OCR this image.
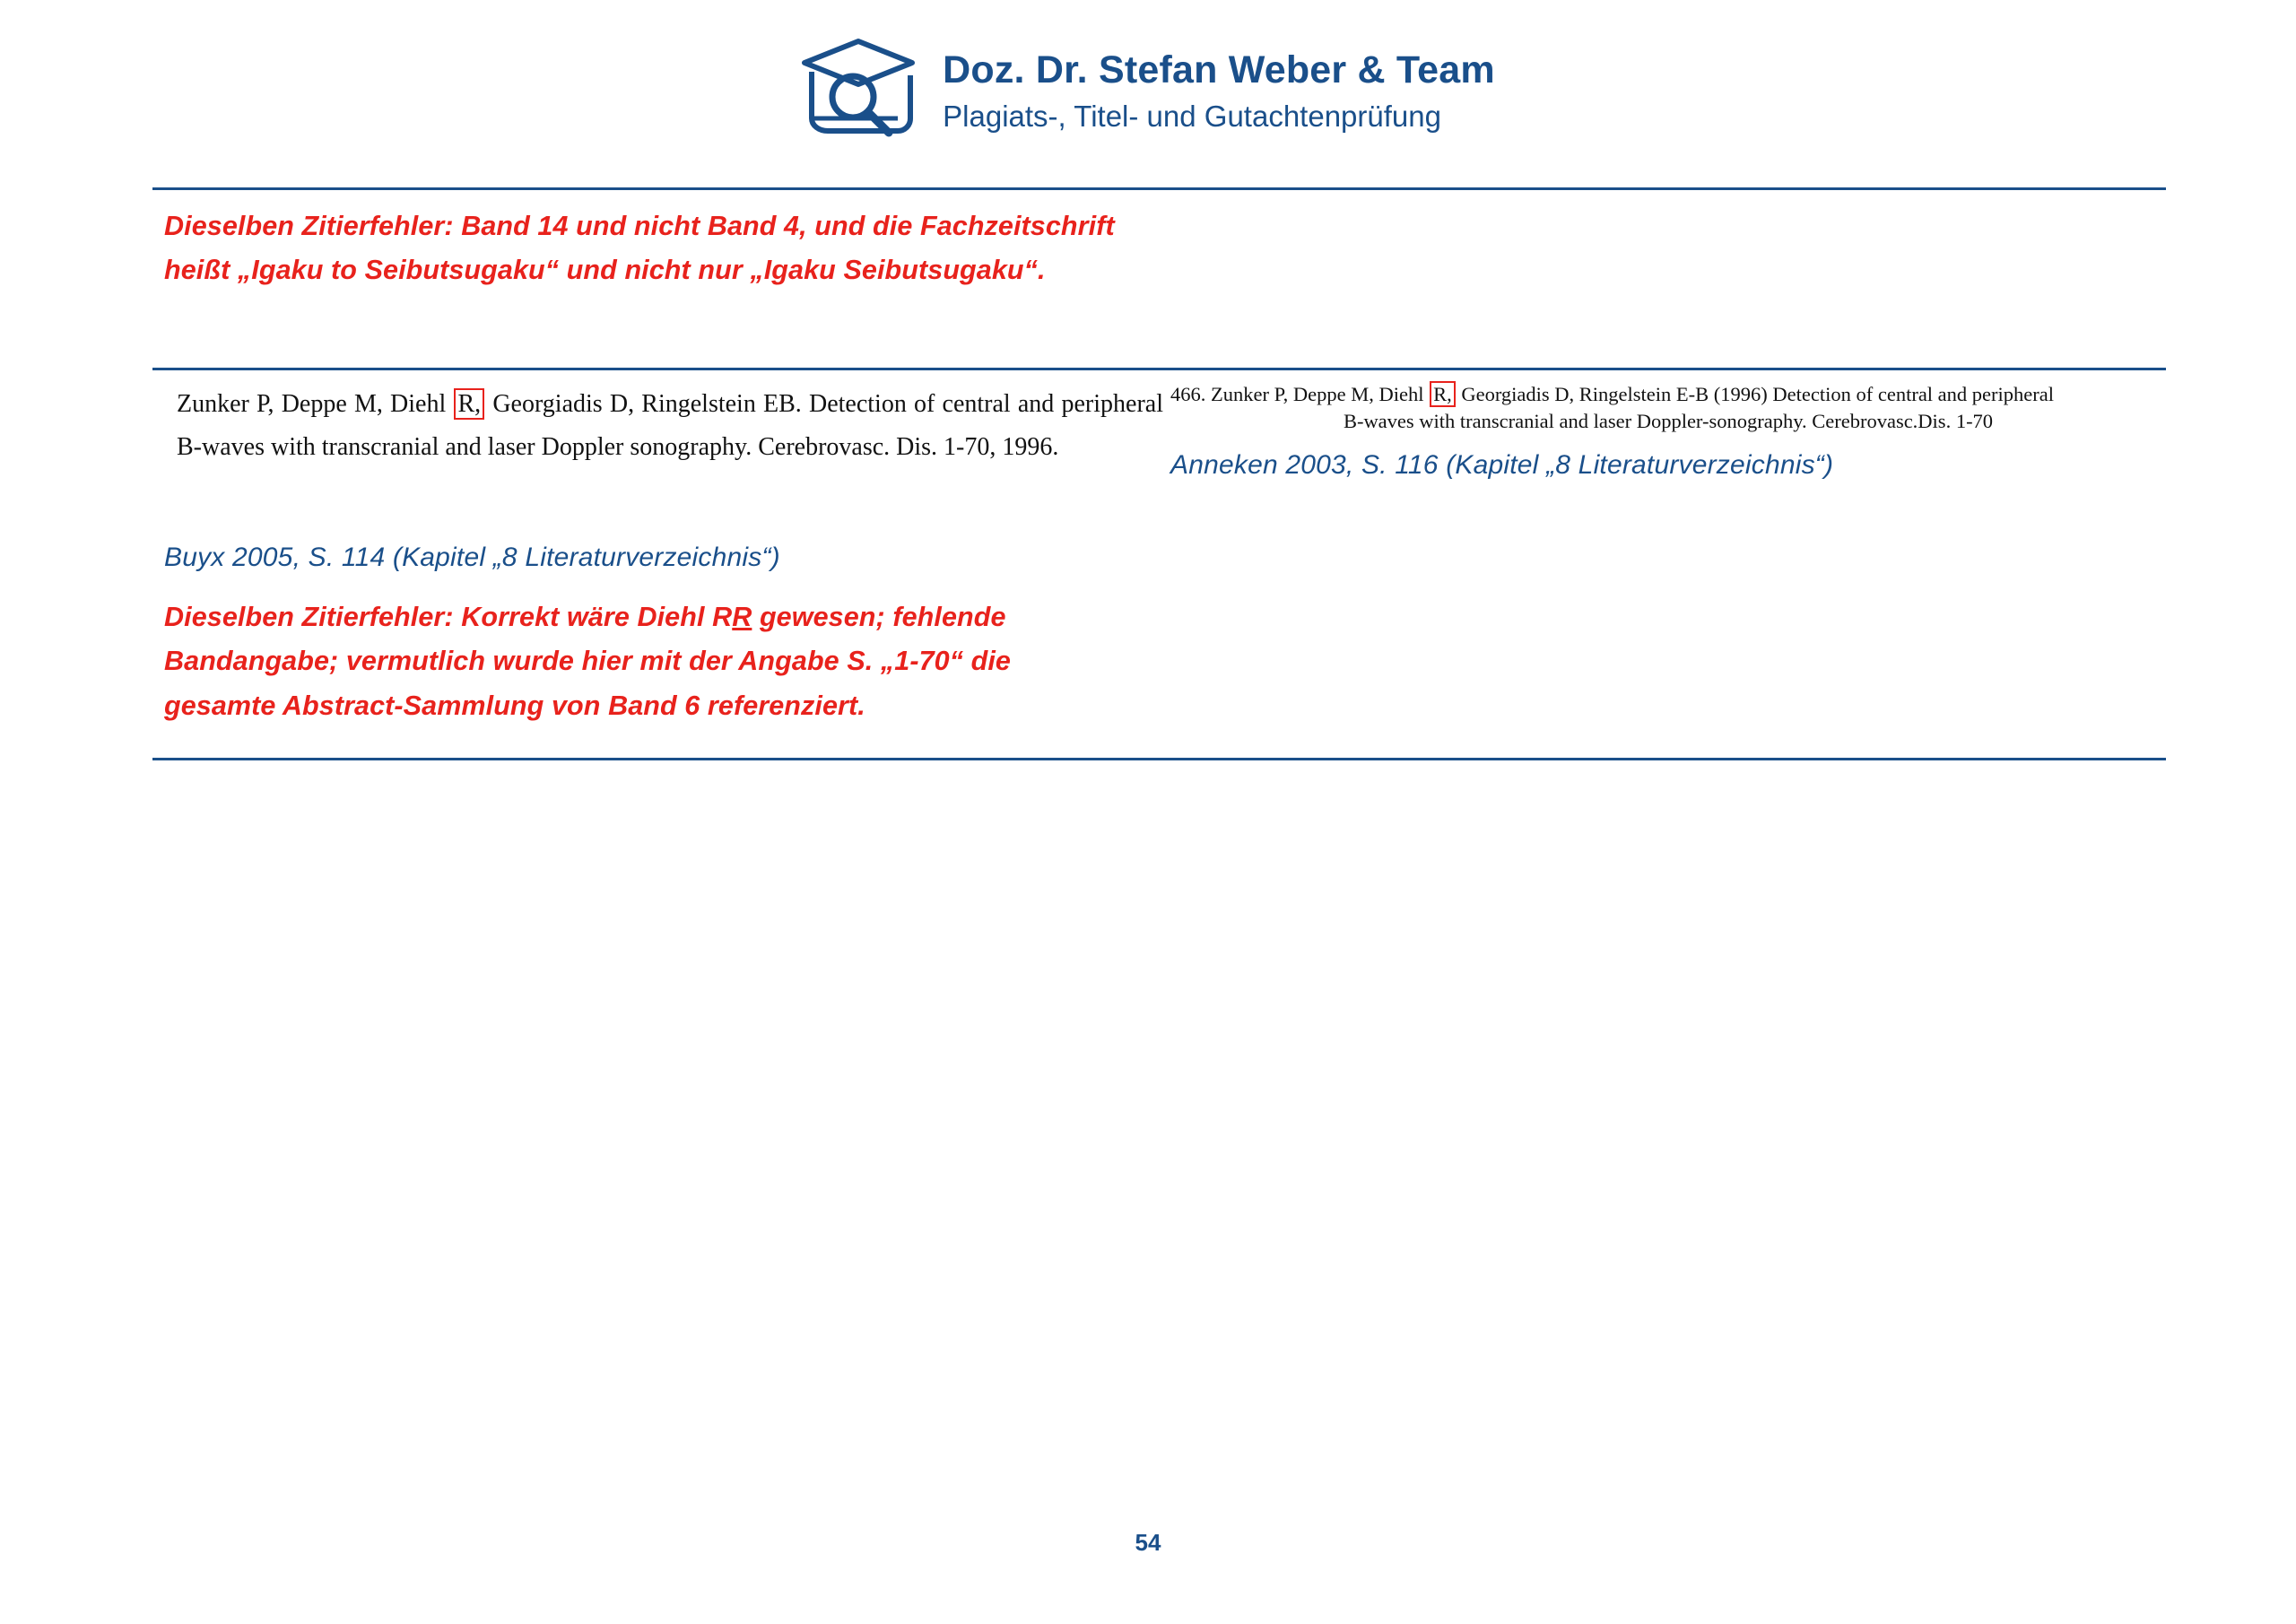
Doz. Dr. Stefan Weber & Team
Plagiats-, Titel- und Gutachtenprüfung
Dieselben Zitierfehler: Band 14 und nicht Band 4, und die Fachzeitschrift heißt „Igaku to Seibutsugaku“ und nicht nur „Igaku Seibutsugaku“.
Zunker P, Deppe M, Diehl R, Georgiadis D, Ringelstein EB. Detection of central and peripheral B-waves with transcranial and laser Doppler sonography. Cerebrovasc. Dis. 1-70, 1996.
Buyx 2005, S. 114 (Kapitel „8 Literaturverzeichnis“)
Dieselben Zitierfehler: Korrekt wäre Diehl RR gewesen; fehlende Bandangabe; vermutlich wurde hier mit der Angabe S. „1-70“ die gesamte Abstract-Sammlung von Band 6 referenziert.
466. Zunker P, Deppe M, Diehl R, Georgiadis D, Ringelstein E-B (1996) Detection of central and peripheral
B-waves with transcranial and laser Doppler-sonography. Cerebrovasc.Dis. 1-70
Anneken 2003, S. 116 (Kapitel „8 Literaturverzeichnis“)
54
